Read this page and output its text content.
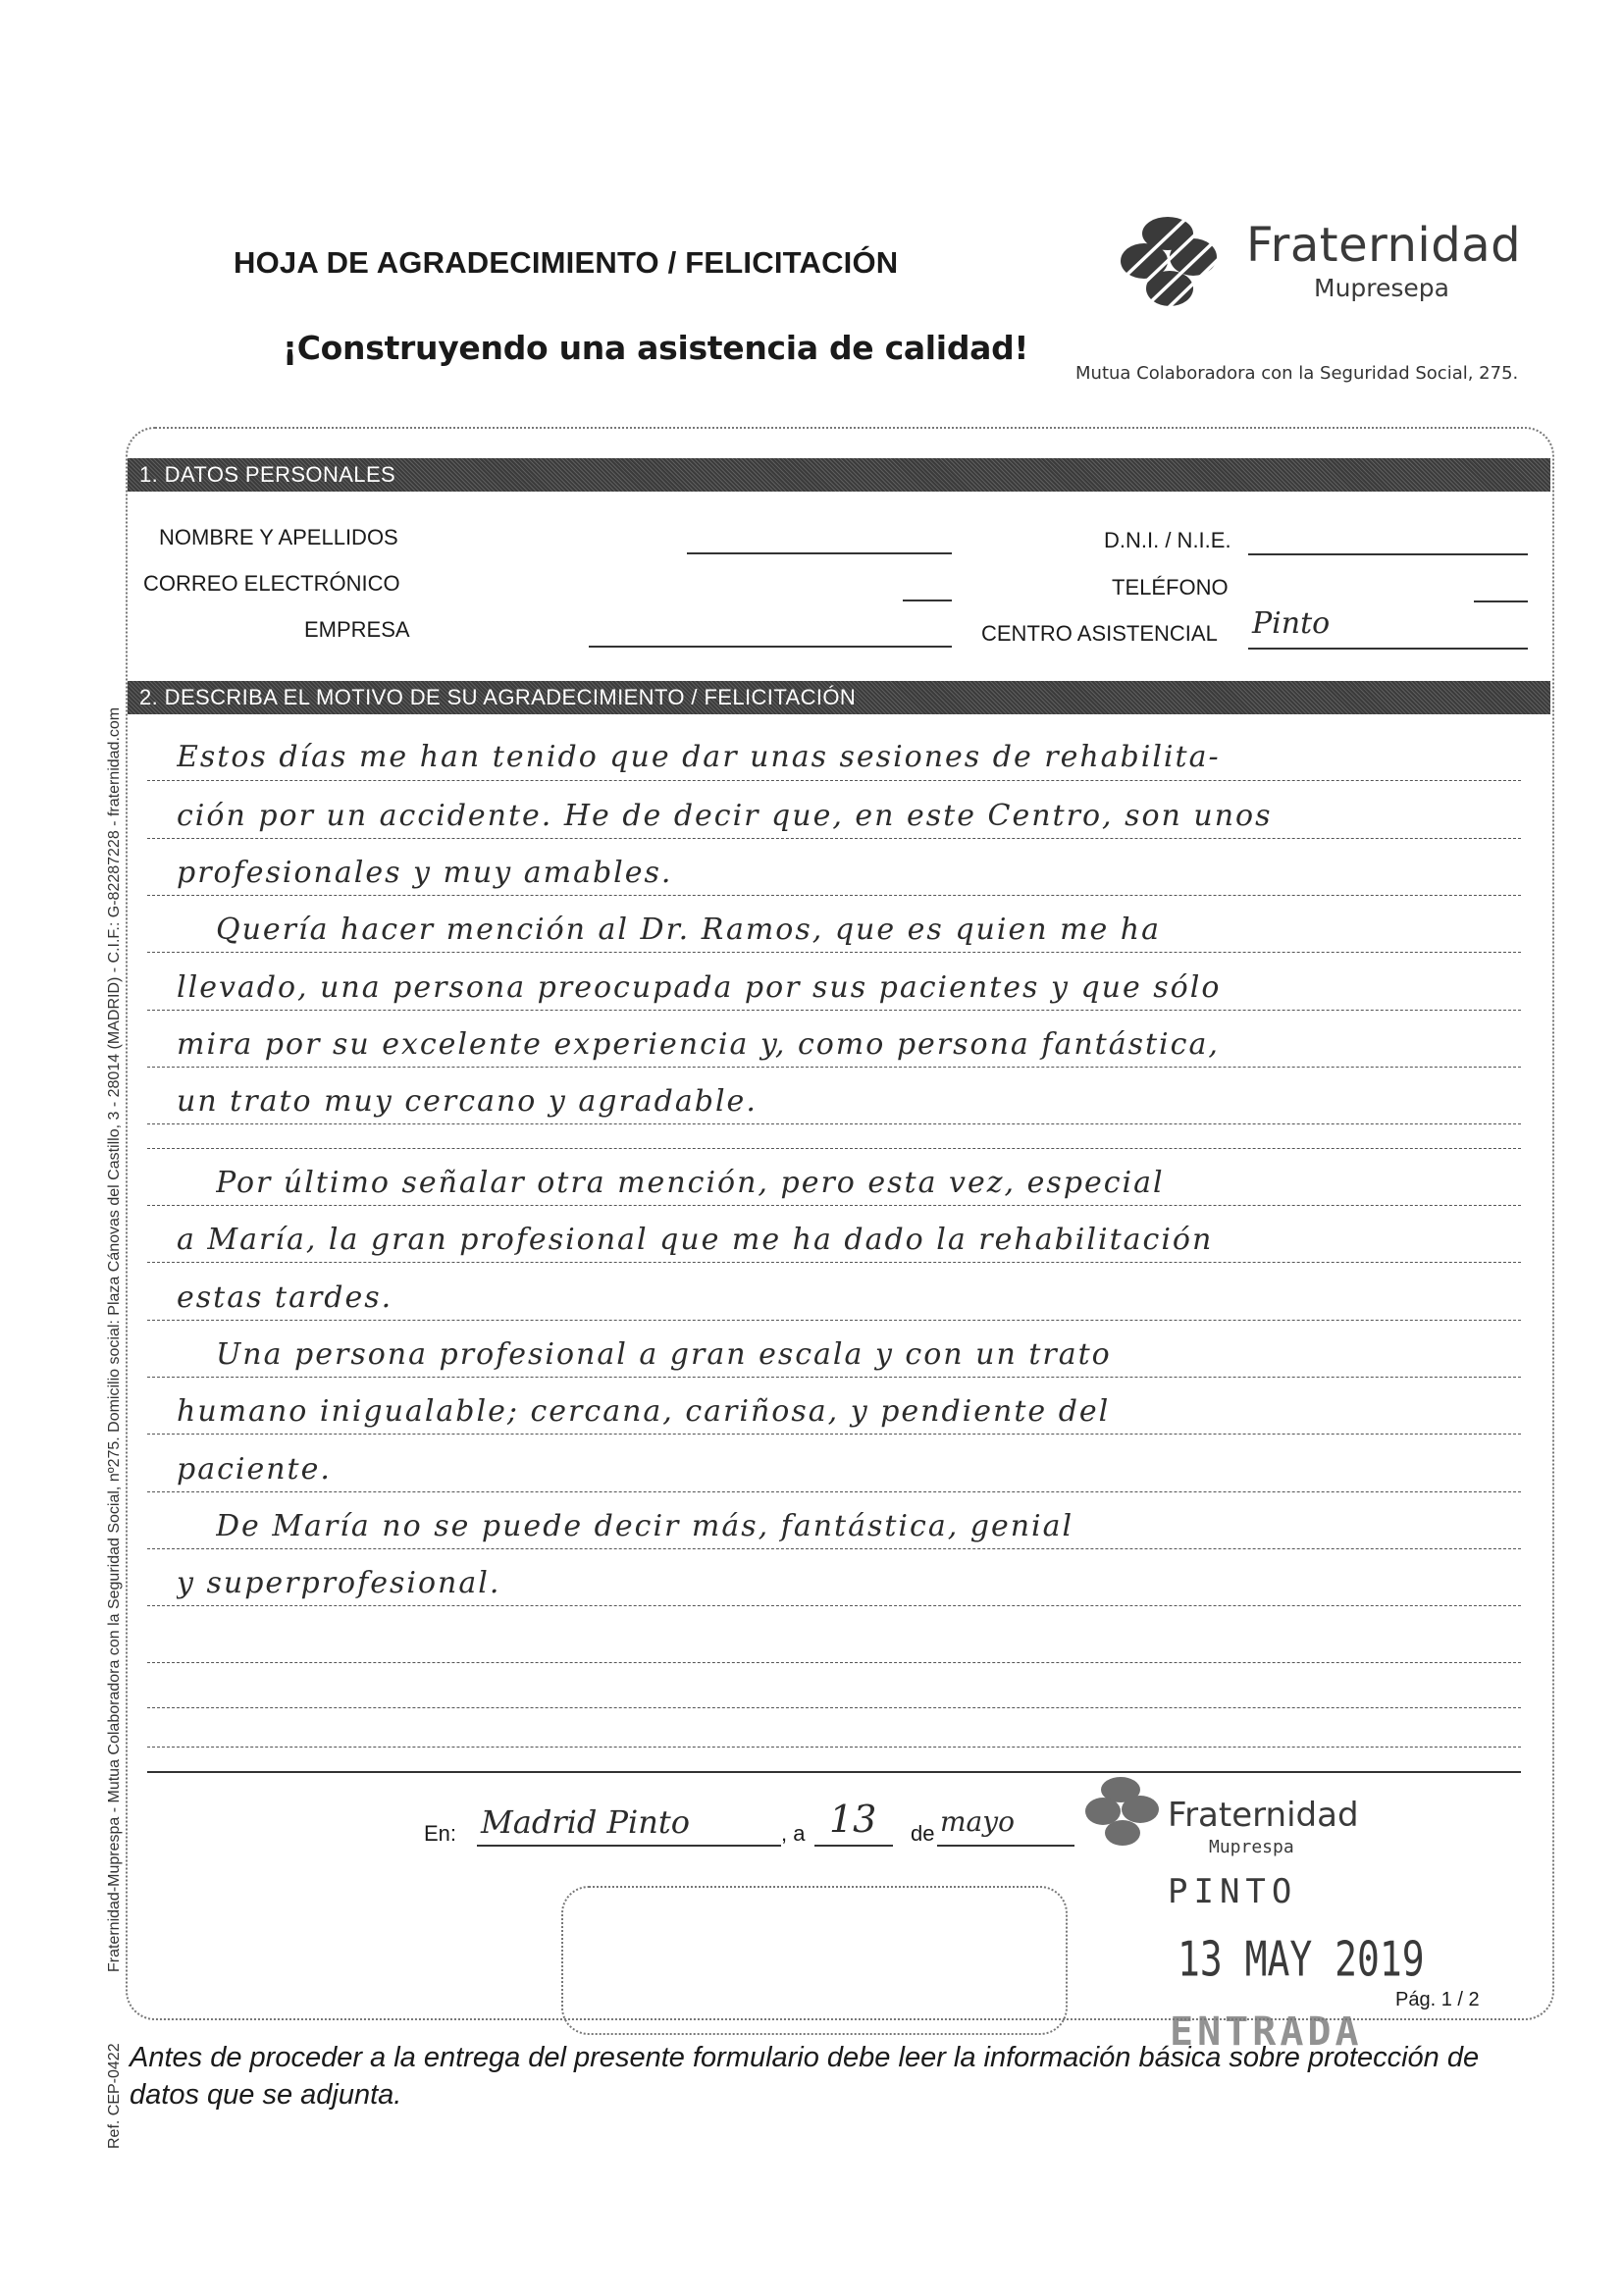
HOJA DE AGRADECIMIENTO / FELICITACIÓN
¡Construyendo una asistencia de calidad!
Fraternidad
Mupresepa
Mutua Colaboradora con la Seguridad Social, 275.
1. DATOS PERSONALES
NOMBRE Y APELLIDOS
CORREO ELECTRÓNICO
EMPRESA
D.N.I. / N.I.E.
TELÉFONO
CENTRO ASISTENCIAL Pinto
2. DESCRIBA EL MOTIVO DE SU AGRADECIMIENTO / FELICITACIÓN
Estos días me han tenido que dar unas sesiones de rehabilita-
ción por un accidente. He de decir que, en este Centro, son unos
profesionales y muy amables.
Quería hacer mención al Dr. Ramos, que es quien me ha
llevado, una persona preocupada por sus pacientes y que sólo
mira por su excelente experiencia y, como persona fantástica,
un trato muy cercano y agradable.
Por último señalar otra mención, pero esta vez, especial
a María, la gran profesional que me ha dado la rehabilitación
estas tardes.
Una persona profesional a gran escala y con un trato
humano inigualable; cercana, cariñosa, y pendiente del
paciente.
De María no se puede decir más, fantástica, genial
y superprofesional.
En: Madrid Pinto	, a 13 de mayo	Fraternidad
Muprespa
PINTO
13 MAY 2019
ENTRADA
Pág. 1 / 2
Antes de proceder a la entrega del presente formulario debe leer la información básica sobre protección de datos que se adjunta.
Fraternidad-Muprespa - Mutua Colaboradora con la Seguridad Social, nº275. Domicilio social: Plaza Cánovas del Castillo, 3 - 28014 (MADRID) - C.I.F.: G-82287228 - fraternidad.com
Ref. CEP-0422
